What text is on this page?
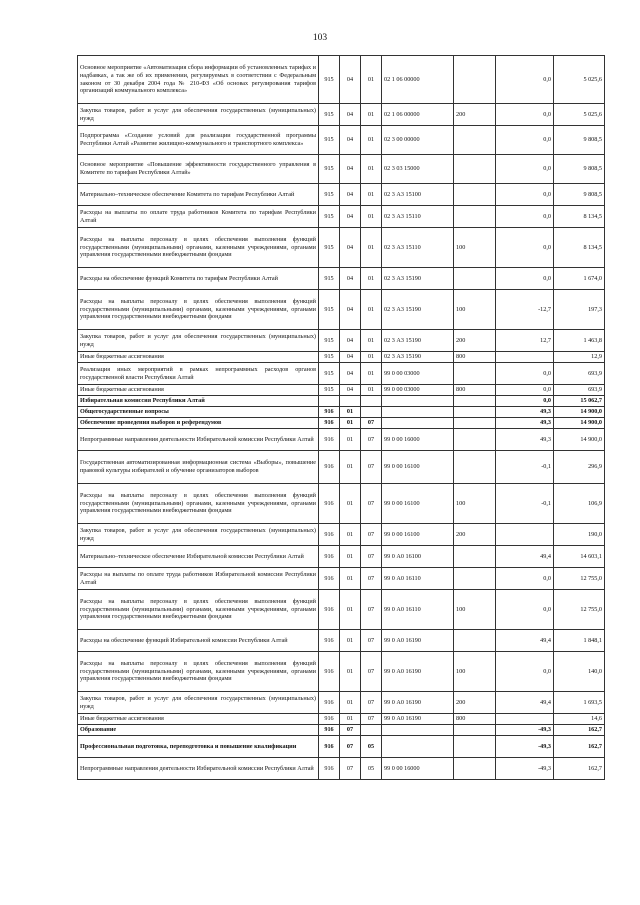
103
Основное мероприятие «Автоматизация сбора информации об установленных тарифах и надбавках, а так же об их применении, регулируемых в соответствии с Федеральным законом от 30 декабря 2004 года № 210-ФЗ «Об основах регулирования тарифов организаций коммунального комплекса»	915	04	01	02 1 06 00000		0,0	5 025,6
Закупка товаров, работ и услуг для обеспечения государственных (муниципальных) нужд	915	04	01	02 1 06 00000	200	0,0	5 025,6
Подпрограмма «Создание условий для реализации государственной программы Республики Алтай «Развитие жилищно-коммунального и транспортного комплекса»	915	04	01	02 3 00 00000		0,0	9 808,5
Основное мероприятие «Повышение эффективности государственного управления в Комитете по тарифам Республики Алтай»	915	04	01	02 3 03 15000		0,0	9 808,5
Материально–техническое обеспечение Комитета по тарифам Республики Алтай	915	04	01	02 3 А3 15100		0,0	9 808,5
Расходы на выплаты по оплате труда работников Комитета по тарифам Республики Алтай	915	04	01	02 3 А3 15110		0,0	8 134,5
Расходы на выплаты персоналу в целях обеспечения выполнения функций государственными (муниципальными) органами, казенными учреждениями, органами управления государственными внебюджетными фондами	915	04	01	02 3 А3 15110	100	0,0	8 134,5
Расходы на обеспечение функций Комитета по тарифам Республики Алтай	915	04	01	02 3 А3 15190		0,0	1 674,0
Расходы на выплаты персоналу в целях обеспечения выполнения функций государственными (муниципальными) органами, казенными учреждениями, органами управления государственными внебюджетными фондами	915	04	01	02 3 А3 15190	100	-12,7	197,3
Закупка товаров, работ и услуг для обеспечения государственных (муниципальных) нужд	915	04	01	02 3 А3 15190	200	12,7	1 463,8
Иные бюджетные ассигнования	915	04	01	02 3 А3 15190	800		12,9
Реализация иных мероприятий в рамках непрограммных расходов органов государственной власти Республики Алтай	915	04	01	99 0 00 03000		0,0	693,9
Иные бюджетные ассигнования	915	04	01	99 0 00 03000	800	0,0	693,9
Избирательная комиссия Республики Алтай						0,0	15 062,7
Общегосударственные вопросы	916	01				49,3	14 900,0
Обеспечение проведения выборов и референдумов	916	01	07			49,3	14 900,0
Непрограммные направления деятельности Избирательной комиссии Республики Алтай	916	01	07	99 0 00 16000		49,3	14 900,0
Государственная автоматизированная информационная система «Выборы», повышение правовой культуры избирателей и обучение организаторов выборов	916	01	07	99 0 00 16100		-0,1	296,9
Расходы на выплаты персоналу в целях обеспечения выполнения функций государственными (муниципальными) органами, казенными учреждениями, органами управления государственными внебюджетными фондами	916	01	07	99 0 00 16100	100	-0,1	106,9
Закупка товаров, работ и услуг для обеспечения государственных (муниципальных) нужд	916	01	07	99 0 00 16100	200		190,0
Материально–техническое обеспечение Избирательной комиссии Республики Алтай	916	01	07	99 0 А0 16100		49,4	14 603,1
Расходы на выплаты по оплате труда работников Избирательной комиссии Республики Алтай	916	01	07	99 0 А0 16110		0,0	12 755,0
Расходы на выплаты персоналу в целях обеспечения выполнения функций государственными (муниципальными) органами, казенными учреждениями, органами управления государственными внебюджетными фондами	916	01	07	99 0 А0 16110	100	0,0	12 755,0
Расходы на обеспечение функций Избирательной комиссии Республики Алтай	916	01	07	99 0 А0 16190		49,4	1 848,1
Расходы на выплаты персоналу в целях обеспечения выполнения функций государственными (муниципальными) органами, казенными учреждениями, органами управления государственными внебюджетными фондами	916	01	07	99 0 А0 16190	100	0,0	140,0
Закупка товаров, работ и услуг для обеспечения государственных (муниципальных) нужд	916	01	07	99 0 А0 16190	200	49,4	1 693,5
Иные бюджетные ассигнования	916	01	07	99 0 А0 16190	800		14,6
Образование	916	07				-49,3	162,7
Профессиональная подготовка, переподготовка и повышение квалификации	916	07	05			-49,3	162,7
Непрограммные направления деятельности Избирательной комиссии Республики Алтай	916	07	05	99 0 00 16000		-49,3	162,7
